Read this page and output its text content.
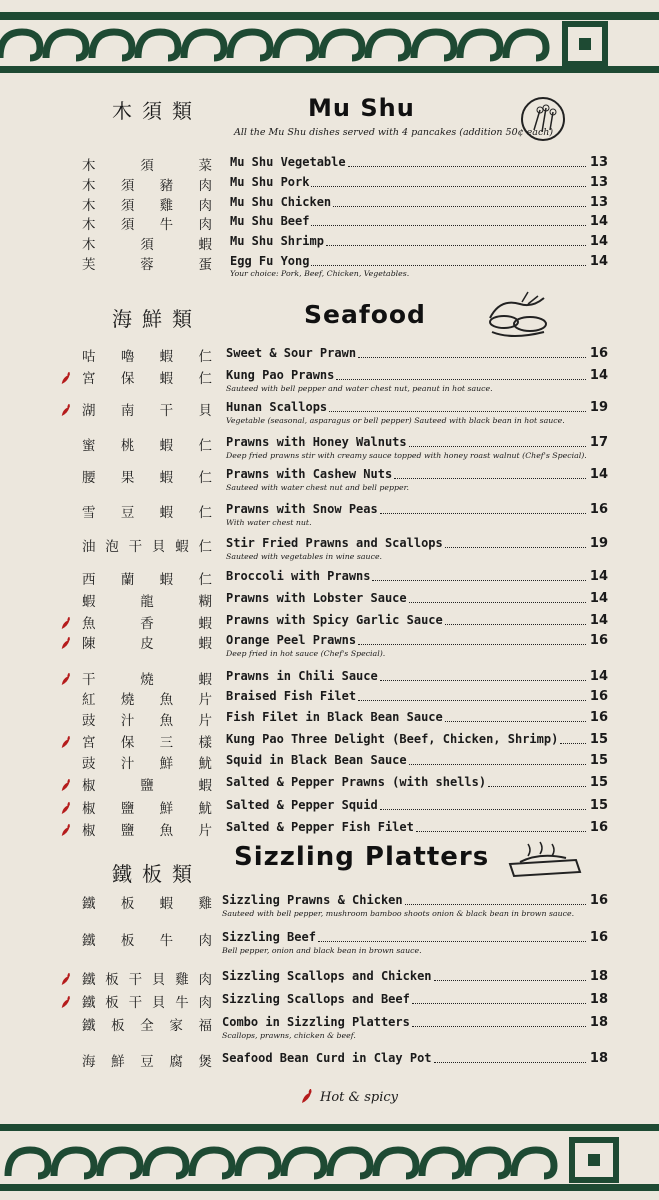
木須類	Mu Shu
All the Mu Shu dishes served with 4 pancakes (addition 50¢ each)
木	須	菜 Mu Shu Vegetable	13
木 須 豬 肉 Mu Shu Pork	13
木 須 雞 肉 Mu Shu Chicken	13
木 須 牛 肉 Mu Shu Beef	14
木	須	蝦 Mu Shu Shrimp	14
芙	蓉	蛋 Egg Fu Yong	14
Your choice: Pork, Beef, Chicken, Vegetables.
海鮮類	Seafood
咕 嚕 蝦 仁 Sweet & Sour Prawn	16
宮 保 蝦 仁 Kung Pao Prawns	14
Sauteed with bell pepper and water chest nut, peanut in hot sauce.
湖 南 干 貝 Hunan Scallops	19
Vegetable (seasonal, asparagus or bell pepper) Sauteed with black bean in hot sauce.
蜜 桃 蝦 仁 Prawns with Honey Walnuts	17
Deep fried prawns stir with creamy sauce topped with honey roast walnut (Chef's Special).
腰 果 蝦 仁 Prawns with Cashew Nuts	14
Sauteed with water chest nut and bell pepper.
雪 豆 蝦 仁 Prawns with Snow Peas	16
With water chest nut.
油 泡 干 貝 蝦 仁 Stir Fried Prawns and Scallops	19
Sauteed with vegetables in wine sauce.
西 蘭 蝦 仁 Broccoli with Prawns	14
蝦	龍	糊 Prawns with Lobster Sauce	14
魚	香	蝦 Prawns with Spicy Garlic Sauce	14
陳	皮	蝦 Orange Peel Prawns	16
Deep fried in hot sauce (Chef's Special).
干	燒	蝦 Prawns in Chili Sauce	14
紅 燒 魚 片 Braised Fish Filet	16
豉 汁 魚 片 Fish Filet in Black Bean Sauce	16
宮 保 三 樣 Kung Pao Three Delight (Beef, Chicken, Shrimp) 15
豉 汁 鮮 魷 Squid in Black Bean Sauce	15
椒	鹽	蝦 Salted & Pepper Prawns (with shells)	15
椒 鹽 鮮 魷 Salted & Pepper Squid	15
椒 鹽 魚 片 Salted & Pepper Fish Filet	16
鐵板類
Sizzling Platters
鐵 板 蝦 雞 Sizzling Prawns & Chicken	16
Sauteed with bell pepper, mushroom bamboo shoots onion & black bean in brown sauce.
鐵 板 牛 肉 Sizzling Beef	16
Bell pepper, onion and black bean in brown sauce.
鐵 板 干 貝 雞 肉 Sizzling Scallops and Chicken	18
鐵 板 干 貝 牛 肉 Sizzling Scallops and Beef	18
鐵 板 全 家 福 Combo in Sizzling Platters	18
Scallops, prawns, chicken & beef.
海 鮮 豆 腐 煲 Seafood Bean Curd in Clay Pot	18
Hot & spicy
